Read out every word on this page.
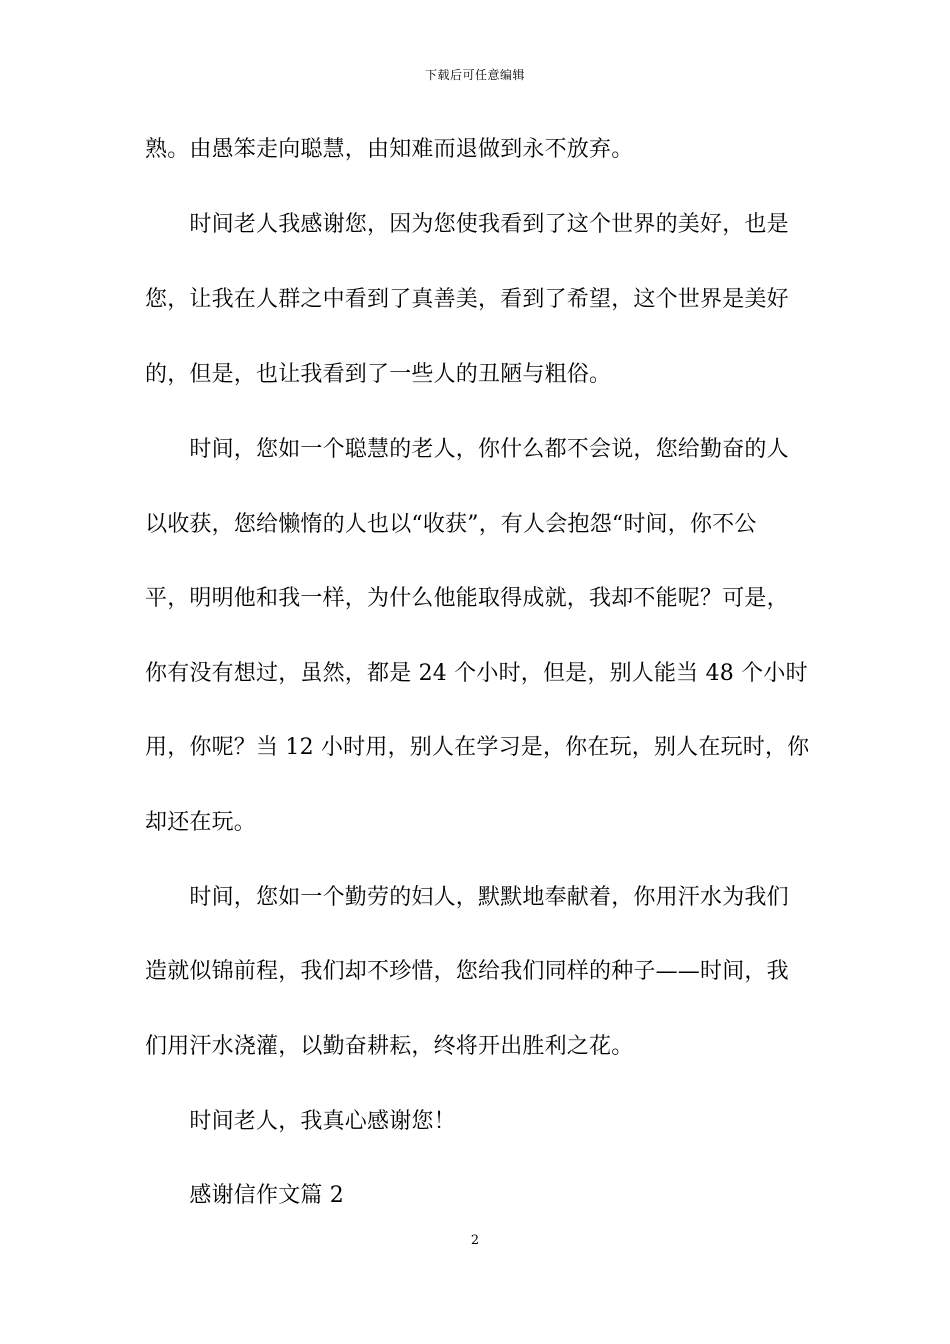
下载后可任意编辑
熟。由愚笨走向聪慧，由知难而退做到永不放弃。
　　时间老人我感谢您，因为您使我看到了这个世界的美好，也是
您，让我在人群之中看到了真善美，看到了希望，这个世界是美好
的，但是，也让我看到了一些人的丑陋与粗俗。
　　时间，您如一个聪慧的老人，你什么都不会说，您给勤奋的人
以收获，您给懒惰的人也以“收获”，有人会抱怨“时间，你不公
平，明明他和我一样，为什么他能取得成就，我却不能呢？可是，
你有没有想过，虽然，都是 24 个小时，但是，别人能当 48 个小时
用，你呢？当 12 小时用，别人在学习是，你在玩，别人在玩时，你
却还在玩。
　　时间，您如一个勤劳的妇人，默默地奉献着，你用汗水为我们
造就似锦前程，我们却不珍惜，您给我们同样的种子——时间，我
们用汗水浇灌，以勤奋耕耘，终将开出胜利之花。
　　时间老人，我真心感谢您！
　　感谢信作文篇 2
2
